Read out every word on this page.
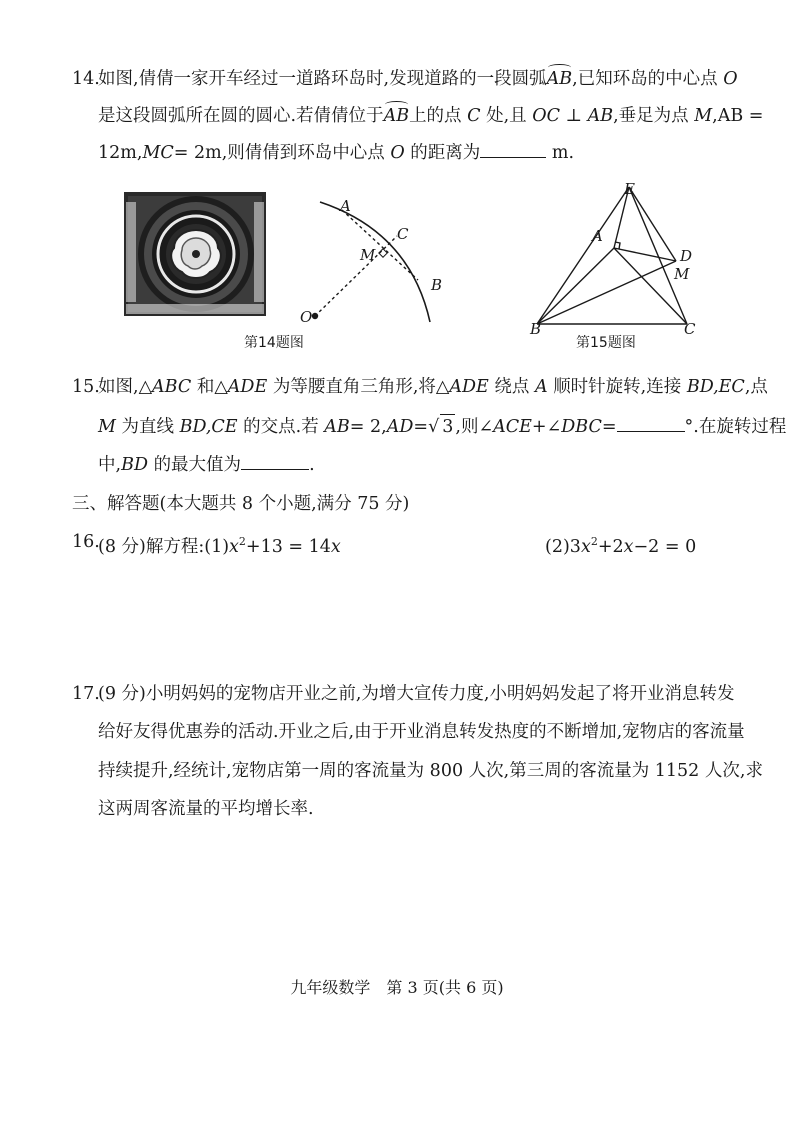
14.
如图,倩倩一家开车经过一道路环岛时,发现道路的一段圆弧AB,已知环岛的中心点 O
是这段圆弧所在圆的圆心.若倩倩位于AB上的点 C 处,且 OC ⊥ AB,垂足为点 M,AB =
12m,MC= 2m,则倩倩到环岛中心点 O 的距离为	m.
A
C
M
B
O
第14题图
E
A
D
M
B	C
第15题图
15.
如图,△ABC 和△ADE 为等腰直角三角形,将△ADE 绕点 A 顺时针旋转,连接 BD,EC,点
M 为直线 BD,CE 的交点.若 AB= 2,AD=√ 3 ,则∠ACE+∠DBC=	°.在旋转过程
中,BD 的最大值为	.
三、解答题(本大题共 8 个小题,满分 75 分)
16.
(8 分)解方程$:(1)x^2+13 = 14x$	$(2)3x^2+2x-2 = 0$
17.
(9 分)小明妈妈的宠物店开业之前,为增大宣传力度,小明妈妈发起了将开业消息转发
给好友得优惠券的活动.开业之后,由于开业消息转发热度的不断增加,宠物店的客流量
持续提升,经统计,宠物店第一周的客流量为 800 人次,第三周的客流量为 1152 人次,求
这两周客流量的平均增长率.
九年级数学　第 3 页(共 6 页)
